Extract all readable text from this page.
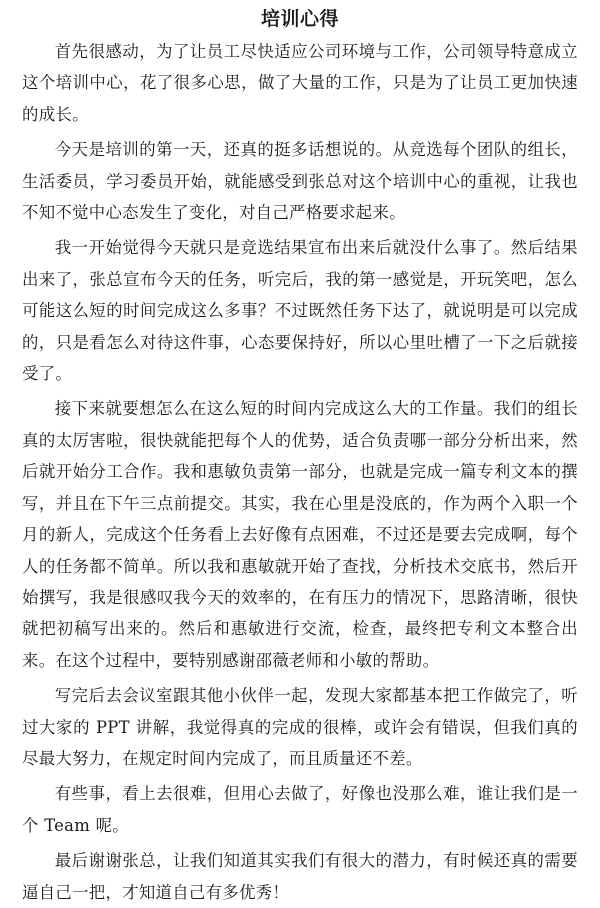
培训心得

首先很感动，为了让员工尽快适应公司环境与工作，公司领导特意成立这个培训中心，花了很多心思，做了大量的工作，只是为了让员工更加快速的成长。

今天是培训的第一天，还真的挺多话想说的。从竞选每个团队的组长，生活委员，学习委员开始，就能感受到张总对这个培训中心的重视，让我也不知不觉中心态发生了变化，对自己严格要求起来。

我一开始觉得今天就只是竞选结果宣布出来后就没什么事了。然后结果出来了，张总宣布今天的任务，听完后，我的第一感觉是，开玩笑吧，怎么可能这么短的时间完成这么多事？不过既然任务下达了，就说明是可以完成的，只是看怎么对待这件事，心态要保持好，所以心里吐槽了一下之后就接受了。

接下来就要想怎么在这么短的时间内完成这么大的工作量。我们的组长真的太厉害啦，很快就能把每个人的优势，适合负责哪一部分分析出来，然后就开始分工合作。我和惠敏负责第一部分，也就是完成一篇专利文本的撰写，并且在下午三点前提交。其实，我在心里是没底的，作为两个入职一个月的新人，完成这个任务看上去好像有点困难，不过还是要去完成啊，每个人的任务都不简单。所以我和惠敏就开始了查找，分析技术交底书，然后开始撰写，我是很感叹我今天的效率的，在有压力的情况下，思路清晰，很快就把初稿写出来的。然后和惠敏进行交流，检查，最终把专利文本整合出来。在这个过程中，要特别感谢邵薇老师和小敏的帮助。

写完后去会议室跟其他小伙伴一起，发现大家都基本把工作做完了，听过大家的 PPT 讲解，我觉得真的完成的很棒，或许会有错误，但我们真的尽最大努力，在规定时间内完成了，而且质量还不差。

有些事，看上去很难，但用心去做了，好像也没那么难，谁让我们是一个 Team 呢。

最后谢谢张总，让我们知道其实我们有很大的潜力，有时候还真的需要逼自己一把，才知道自己有多优秀！
